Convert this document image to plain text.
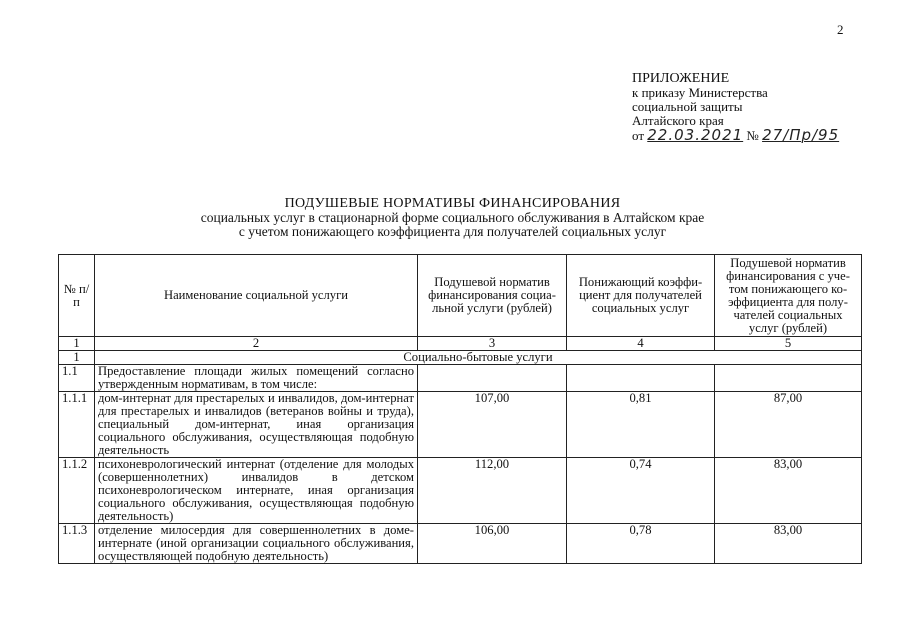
2
ПРИЛОЖЕНИЕ
к приказу Министерства
социальной защиты
Алтайского края
от 22.03.2021 № 27/Пр/95
ПОДУШЕВЫЕ НОРМАТИВЫ ФИНАНСИРОВАНИЯ
социальных услуг в стационарной форме социального обслуживания в Алтайском крае
с учетом понижающего коэффициента для получателей социальных услуг
№ п/п	Наименование социальной услуги	Подушевой норматив финансирования социа-льной услуги (рублей)	Понижающий коэффи-циент для получателей социальных услуг	Подушевой норматив финансирования с уче-том понижающего ко-эффициента для полу-чателей социальных услуг (рублей)
1	2	3	4	5
1	Социально-бытовые услуги			
1.1	Предоставление площади жилых помещений согласно утвержденным нормативам, в том числе:			
1.1.1	дом-интернат для престарелых и инвалидов, дом-интернат для престарелых и инвалидов (ветеранов войны и труда), специальный дом-интернат, иная организация социального обслуживания, осуществляющая подобную деятельность	107,00	0,81	87,00
1.1.2	психоневрологический интернат (отделение для молодых (совершеннолетних) инвалидов в детском психоневрологическом интернате, иная организация социального обслуживания, осуществляющая подобную деятельность)	112,00	0,74	83,00
1.1.3	отделение милосердия для совершеннолетних в доме-интернате (иной организации социального обслуживания, осуществляющей подобную деятельность)	106,00	0,78	83,00
